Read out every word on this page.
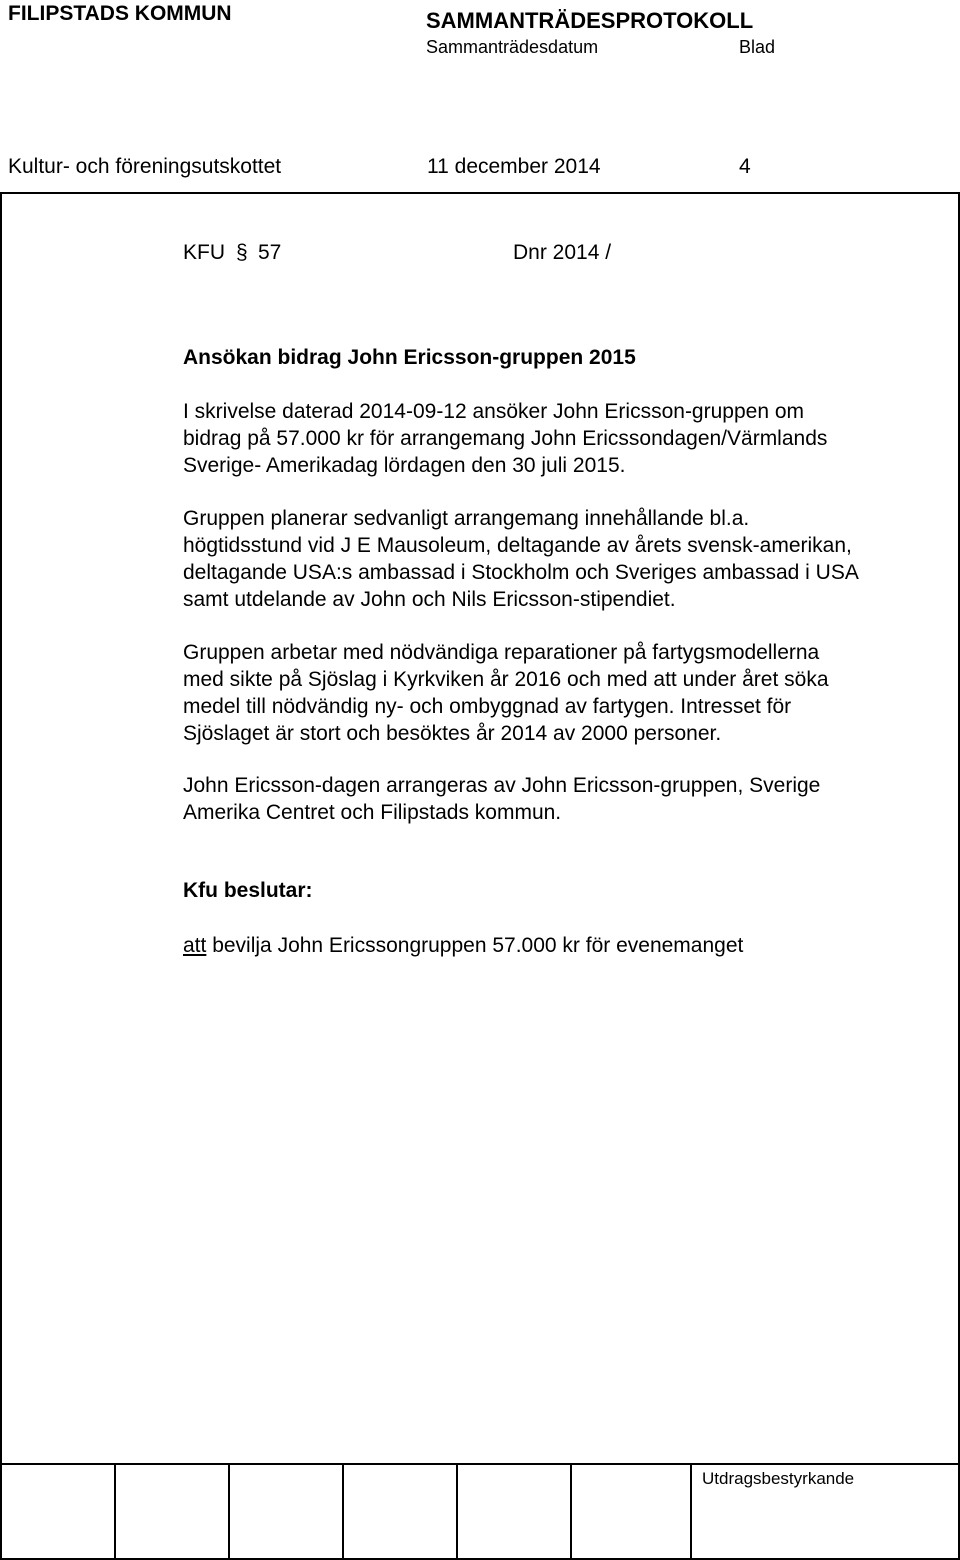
FILIPSTADS KOMMUN	SAMMANTRÄDESPROTOKOLL
Sammanträdesdatum	Blad
Kultur- och föreningsutskottet	11 december 2014	4
KFU § 57	Dnr 2014 /
Ansökan bidrag John Ericsson-gruppen 2015
I skrivelse daterad 2014-09-12 ansöker John Ericsson-gruppen om
bidrag på 57.000 kr för arrangemang John Ericssondagen/Värmlands
Sverige- Amerikadag lördagen den 30 juli 2015.
Gruppen planerar sedvanligt arrangemang innehållande bl.a.
högtidsstund vid J E Mausoleum, deltagande av årets svensk-amerikan,
deltagande USA:s ambassad i Stockholm och Sveriges ambassad i USA
samt utdelande av John och Nils Ericsson-stipendiet.
Gruppen arbetar med nödvändiga reparationer på fartygsmodellerna
med sikte på Sjöslag i Kyrkviken år 2016 och med att under året söka
medel till nödvändig ny- och ombyggnad av fartygen. Intresset för
Sjöslaget är stort och besöktes år 2014 av 2000 personer.
John Ericsson-dagen arrangeras av John Ericsson-gruppen, Sverige
Amerika Centret och Filipstads kommun.
Kfu beslutar:
att bevilja John Ericssongruppen 57.000 kr för evenemanget
Utdragsbestyrkande
